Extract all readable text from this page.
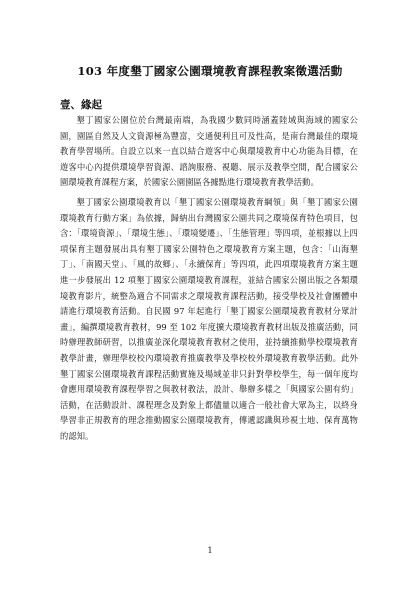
103 年度墾丁國家公園環境教育課程教案徵選活動
壹、緣起

墾丁國家公園位於台灣最南端，為我國少數同時涵蓋陸域與海域的國家公園，園區自然及人文資源極為豐富，交通便利且可及性高，是南台灣最佳的環境教育學習場所。自設立以來一直以結合遊客中心與環境教育中心功能為目標，在遊客中心內提供環境學習資源、諮詢服務、視聽、展示及教學空間，配合國家公園環境教育課程方案，於國家公園園區各據點進行環境教育教學活動。

墾丁國家公園環境教育以「墾丁國家公園環境教育綱領」與「墾丁國家公園環境教育行動方案」為依據，歸納出台灣國家公園共同之環境保育特色項目，包含：「環境資源」、「環境生態」、「環境變遷」、「生態管理」等四項，並根據以上四項保育主題發展出具有墾丁國家公園特色之環境教育方案主題，包含：「山海墾丁」、「南國天堂」、「風的故鄉」、「永續保育」等四項，此四項環境教育方案主題進一步發展出 12 項墾丁國家公園環境教育課程，並結合國家公園出版之各類環境教育影片，統整為適合不同需求之環境教育課程活動，接受學校及社會團體申請進行環境教育活動。自民國 97 年起進行「墾丁國家公園環境教育教材分眾計畫」，編撰環境教育教材，99 至 102 年度擴大環境教育教材出版及推廣活動，同時辦理教師研習，以推廣並深化環境教育教材之使用，並持續推動學校環境教育教學計畫，辦理學校校內環境教育推廣教學及學校校外環境教育教學活動。此外墾丁國家公園環境教育課程活動實施及場域並非只針對學校學生，每一個年度均會應用環境教育課程學習之與教材教法，設計、舉辦多樣之「與國家公園有約」活動，在活動設計、課程理念及對象上都儘量以適合一般社會大眾為主，以終身學習非正規教育的理念推動國家公園環境教育，傳遞認識與珍視土地、保育萬物的認知。

1
